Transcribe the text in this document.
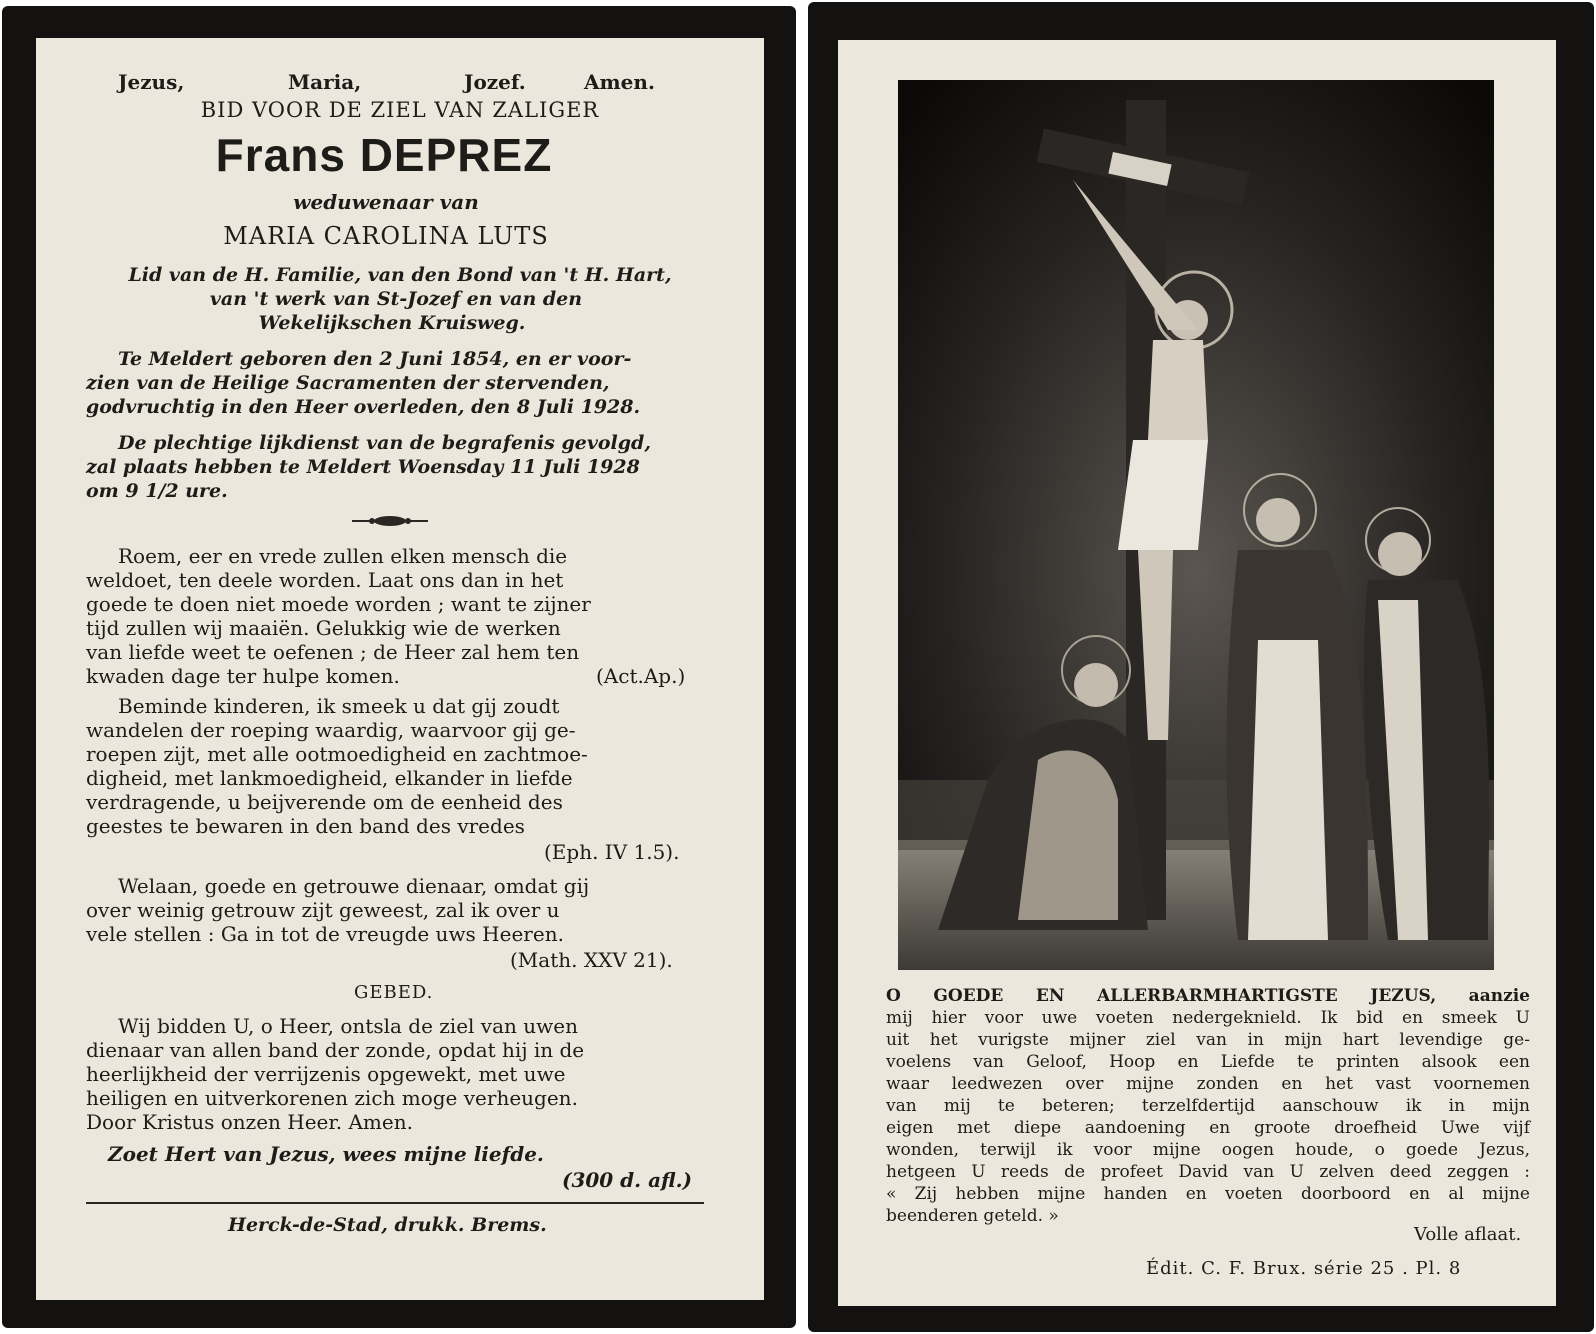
Jezus,	Maria,	Jozef.	Amen.
BID VOOR DE ZIEL VAN ZALIGER
Frans DEPREZ
weduwenaar van
MARIA CAROLINA LUTS
Lid van de H. Familie, van den Bond van 't H. Hart,
van 't werk van St-Jozef en van den
Wekelijkschen Kruisweg.
Te Meldert geboren den 2 Juni 1854, en er voor-
zien van de Heilige Sacramenten der stervenden,
godvruchtig in den Heer overleden, den 8 Juli 1928.
De plechtige lijkdienst van de begrafenis gevolgd,
zal plaats hebben te Meldert Woensday 11 Juli 1928
om 9 1/2 ure.
Roem, eer en vrede zullen elken mensch die
weldoet, ten deele worden. Laat ons dan in het
goede te doen niet moede worden ; want te zijner
tijd zullen wij maaiën. Gelukkig wie de werken
van liefde weet te oefenen ; de Heer zal hem ten
kwaden dage ter hulpe komen.	(Act.Ap.)
Beminde kinderen, ik smeek u dat gij zoudt
wandelen der roeping waardig, waarvoor gij ge-
roepen zijt, met alle ootmoedigheid en zachtmoe-
digheid, met lankmoedigheid, elkander in liefde
verdragende, u beijverende om de eenheid des
geestes te bewaren in den band des vredes
(Eph. IV 1.5).
Welaan, goede en getrouwe dienaar, omdat gij
over weinig getrouw zijt geweest, zal ik over u
vele stellen : Ga in tot de vreugde uws Heeren.
(Math. XXV 21).
GEBED.
Wij bidden U, o Heer, ontsla de ziel van uwen
dienaar van allen band der zonde, opdat hij in de
heerlijkheid der verrijzenis opgewekt, met uwe
heiligen en uitverkorenen zich moge verheugen.
Door Kristus onzen Heer. Amen.
Zoet Hert van Jezus, wees mijne liefde.
(300 d. afl.)
Herck-de-Stad, drukk. Brems.
O GOEDE EN ALLERBARMHARTIGSTE JEZUS, aanzie
mij hier voor uwe voeten nedergeknield. Ik bid en smeek U
uit het vurigste mijner ziel van in mijn hart levendige ge-
voelens van Geloof, Hoop en Liefde te printen alsook een
waar leedwezen over mijne zonden en het vast voornemen
van mij te beteren; terzelfdertijd aanschouw ik in mijn
eigen met diepe aandoening en groote droefheid Uwe vijf
wonden, terwijl ik voor mijne oogen houde, o goede Jezus,
hetgeen U reeds de profeet David van U zelven deed zeggen :
« Zij hebben mijne handen en voeten doorboord en al mijne
beenderen geteld. »
Volle aflaat.
Édit. C. F. Brux. série 25 . Pl. 8
